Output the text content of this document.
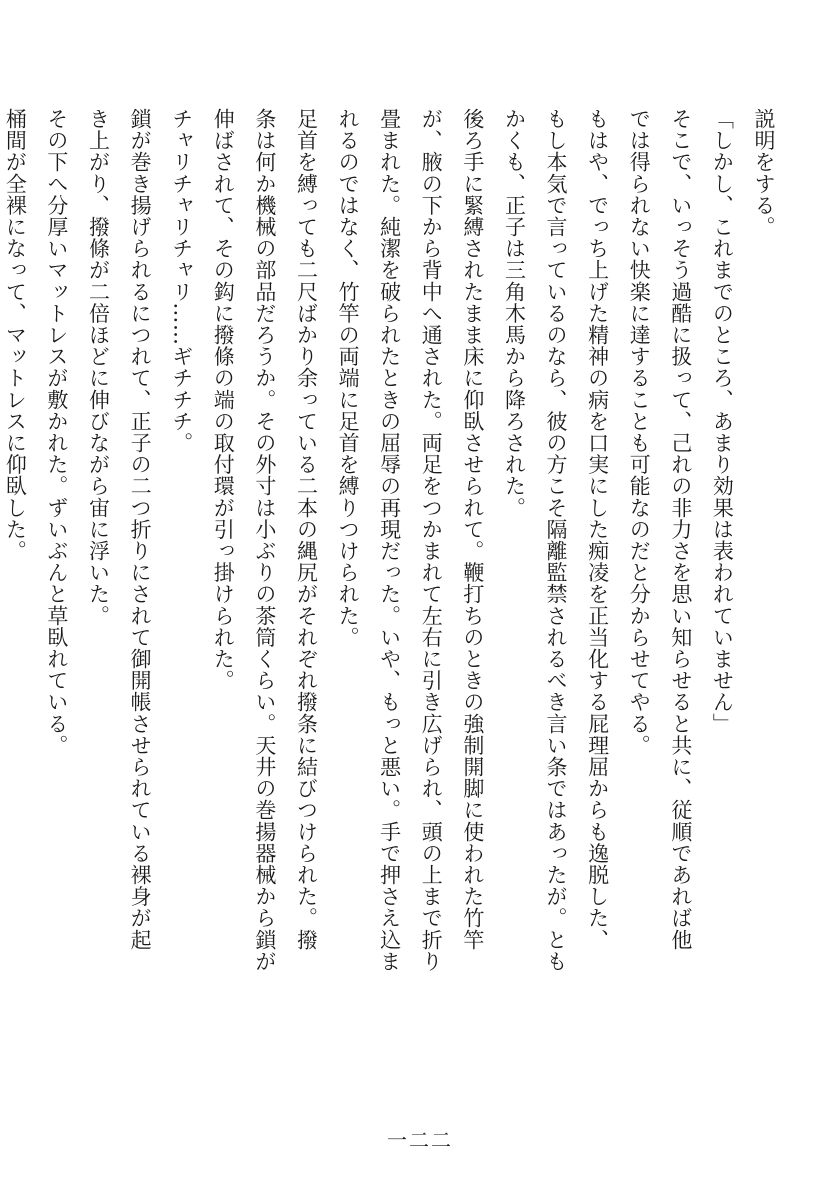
説明をする。

「しかし、これまでのところ、あまり効果は表われていません」

そこで、いっそう過酷に扱って、己れの非力さを思い知らせると共に、従順であれば他

では得られない快楽に達することも可能なのだと分からせてやる。

もはや、でっち上げた精神の病を口実にした痴凌を正当化する屁理屈からも逸脱した、

もし本気で言っているのなら、彼の方こそ隔離監禁されるべき言い条ではあったが。とも

かくも、正子は三角木馬から降ろされた。

後ろ手に緊縛されたまま床に仰臥させられて。鞭打ちのときの強制開脚に使われた竹竿

が、腋の下から背中へ通された。両足をつかまれて左右に引き広げられ、頭の上まで折り

畳まれた。純潔を破られたときの屈辱の再現だった。いや、もっと悪い。手で押さえ込ま

れるのではなく、竹竿の両端に足首を縛りつけられた。

足首を縛っても二尺ばかり余っている二本の縄尻がそれぞれ撥条に結びつけられた。撥

条は何か機械の部品だろうか。その外寸は小ぶりの茶筒くらい。天井の巻揚器械から鎖が

伸ばされて、その鈎に撥條の端の取付環が引っ掛けられた。

チャリチャリチャリ……ギチチチ。

鎖が巻き揚げられるにつれて、正子の二つ折りにされて御開帳させられている裸身が起

き上がり、撥條が二倍ほどに伸びながら宙に浮いた。

その下へ分厚いマットレスが敷かれた。ずいぶんと草臥れている。

桶間が全裸になって、マットレスに仰臥した。

一二二
